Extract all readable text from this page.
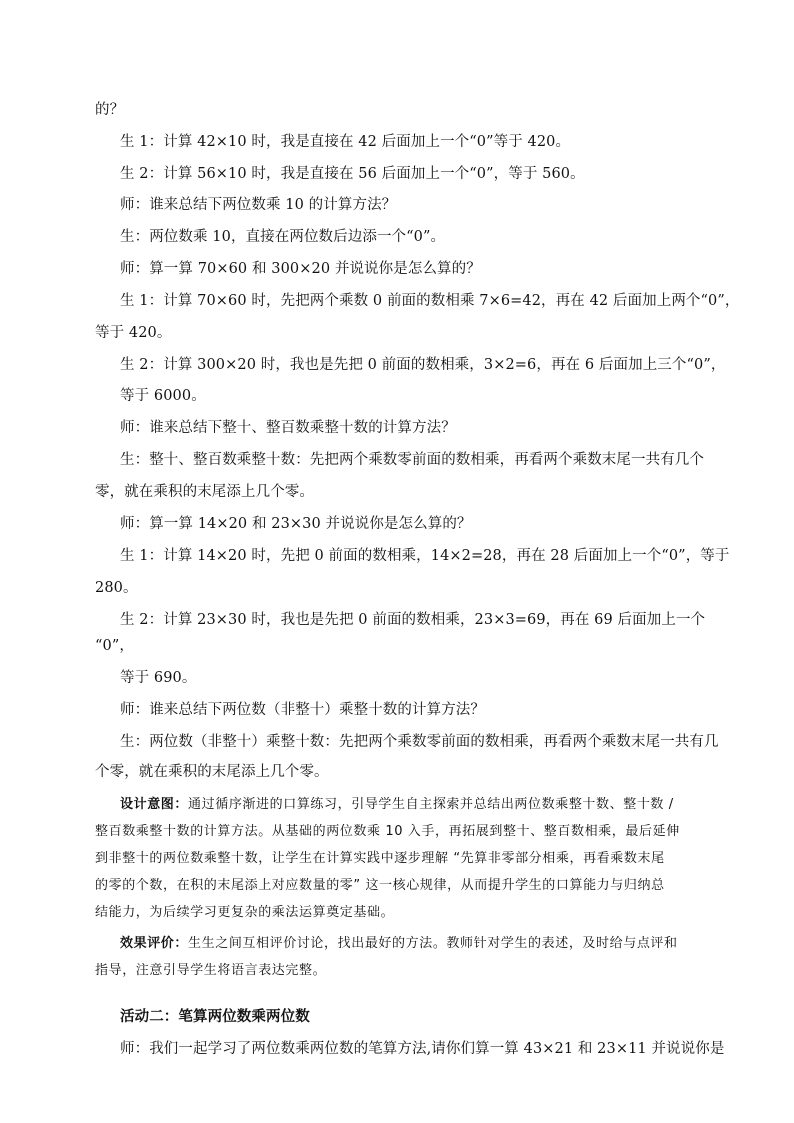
的？
生 1：计算 42×10 时，我是直接在 42 后面加上一个“0”等于 420。
生 2：计算 56×10 时，我是直接在 56 后面加上一个“0”，等于 560。
师：谁来总结下两位数乘 10 的计算方法？
生：两位数乘 10，直接在两位数后边添一个“0”。
师：算一算 70×60 和 300×20 并说说你是怎么算的？
生 1：计算 70×60 时，先把两个乘数 0 前面的数相乘 7×6=42，再在 42 后面加上两个“0”，
等于 420。
生 2：计算 300×20 时，我也是先把 0 前面的数相乘，3×2=6，再在 6 后面加上三个“0”，
等于 6000。
师：谁来总结下整十、整百数乘整十数的计算方法？
生：整十、整百数乘整十数：先把两个乘数零前面的数相乘，再看两个乘数末尾一共有几个
零，就在乘积的末尾添上几个零。
师：算一算 14×20 和 23×30 并说说你是怎么算的？
生 1：计算 14×20 时，先把 0 前面的数相乘，14×2=28，再在 28 后面加上一个“0”，等于
280。
生 2：计算 23×30 时，我也是先把 0 前面的数相乘，23×3=69，再在 69 后面加上一个
“0”，
等于 690。
师：谁来总结下两位数（非整十）乘整十数的计算方法？
生：两位数（非整十）乘整十数：先把两个乘数零前面的数相乘，再看两个乘数末尾一共有几
个零，就在乘积的末尾添上几个零。
设计意图：通过循序渐进的口算练习，引导学生自主探索并总结出两位数乘整十数、整十数 /
整百数乘整十数的计算方法。从基础的两位数乘 10 入手，再拓展到整十、整百数相乘，最后延伸
到非整十的两位数乘整十数，让学生在计算实践中逐步理解 “先算非零部分相乘，再看乘数末尾
的零的个数，在积的末尾添上对应数量的零” 这一核心规律，从而提升学生的口算能力与归纳总
结能力，为后续学习更复杂的乘法运算奠定基础。
效果评价：生生之间互相评价讨论，找出最好的方法。教师针对学生的表述，及时给与点评和
指导，注意引导学生将语言表达完整。
活动二：笔算两位数乘两位数
师：我们一起学习了两位数乘两位数的笔算方法,请你们算一算 43×21 和 23×11 并说说你是
